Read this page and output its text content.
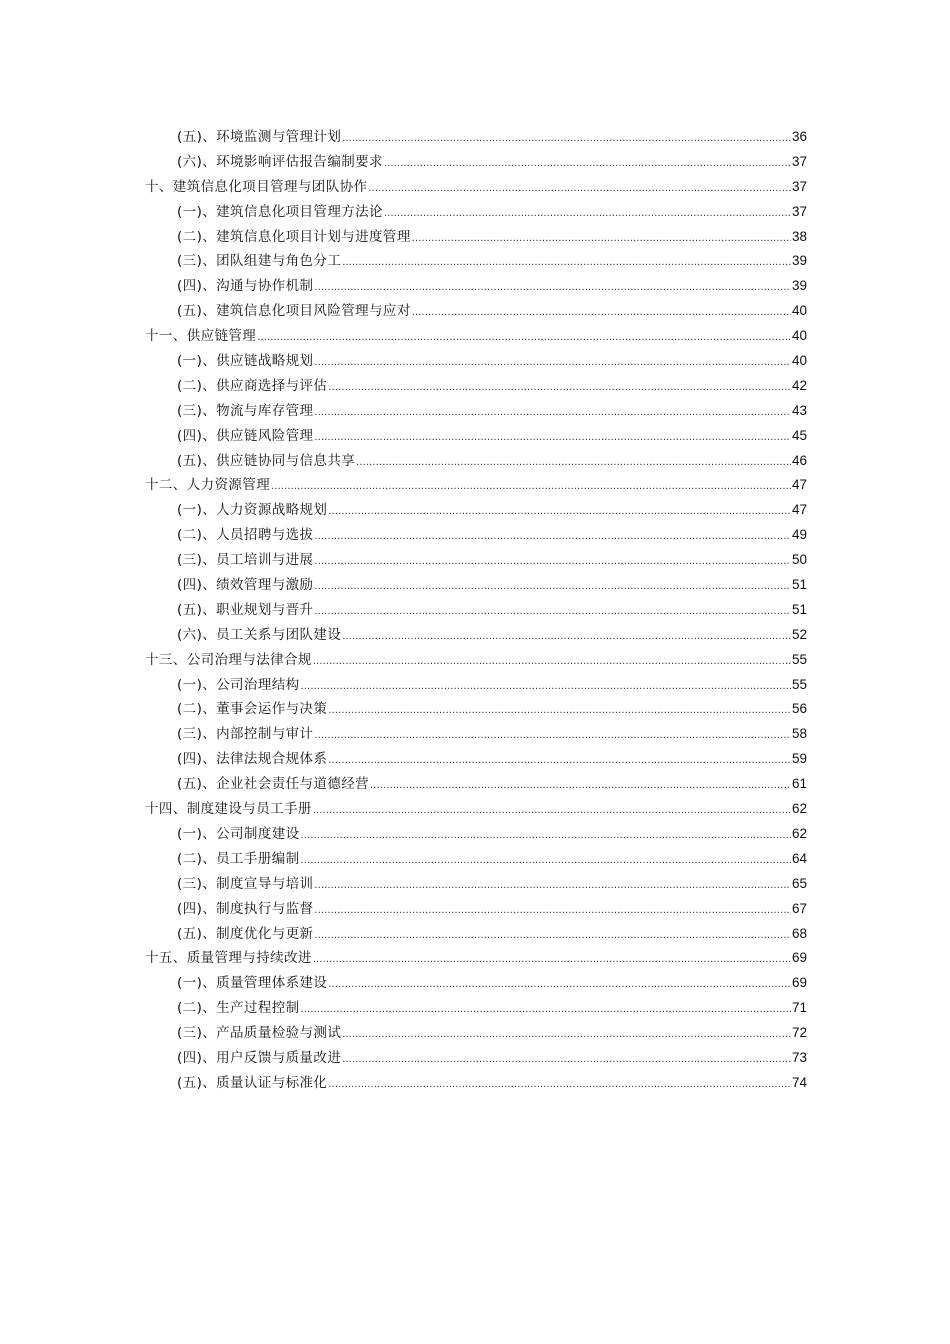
(五)、环境监测与管理计划 .....	36
(六)、环境影响评估报告编制要求 .....	37
十、建筑信息化项目管理与团队协作 .....	37
(一)、建筑信息化项目管理方法论 .....	37
(二)、建筑信息化项目计划与进度管理 .....	38
(三)、团队组建与角色分工 .....	39
(四)、沟通与协作机制 .....	39
(五)、建筑信息化项目风险管理与应对 .....	40
十一、供应链管理 .....	40
(一)、供应链战略规划 .....	40
(二)、供应商选择与评估 .....	42
(三)、物流与库存管理 .....	43
(四)、供应链风险管理 .....	45
(五)、供应链协同与信息共享 .....	46
十二、人力资源管理 .....	47
(一)、人力资源战略规划 .....	47
(二)、人员招聘与选拔 .....	49
(三)、员工培训与进展 .....	50
(四)、绩效管理与激励 .....	51
(五)、职业规划与晋升 .....	51
(六)、员工关系与团队建设 .....	52
十三、公司治理与法律合规 .....	55
(一)、公司治理结构 .....	55
(二)、董事会运作与决策 .....	56
(三)、内部控制与审计 .....	58
(四)、法律法规合规体系 .....	59
(五)、企业社会责任与道德经营 .....	61
十四、制度建设与员工手册 .....	62
(一)、公司制度建设 .....	62
(二)、员工手册编制 .....	64
(三)、制度宣导与培训 .....	65
(四)、制度执行与监督 .....	67
(五)、制度优化与更新 .....	68
十五、质量管理与持续改进 .....	69
(一)、质量管理体系建设 .....	69
(二)、生产过程控制 .....	71
(三)、产品质量检验与测试 .....	72
(四)、用户反馈与质量改进 .....	73
(五)、质量认证与标准化 .....	74
